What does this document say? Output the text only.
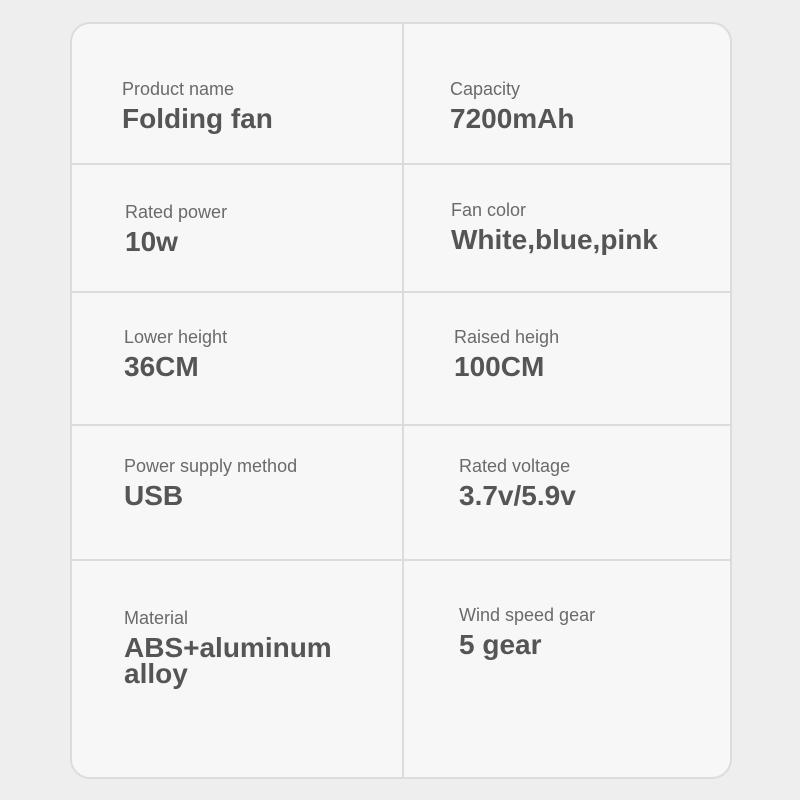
Product name
Folding fan
Capacity
7200mAh
Rated power
10w
Fan color
White,blue,pink
Lower height
36CM
Raised heigh
100CM
Power supply method
USB
Rated voltage
3.7v/5.9v
Material
ABS+aluminum alloy
Wind speed gear
5 gear
